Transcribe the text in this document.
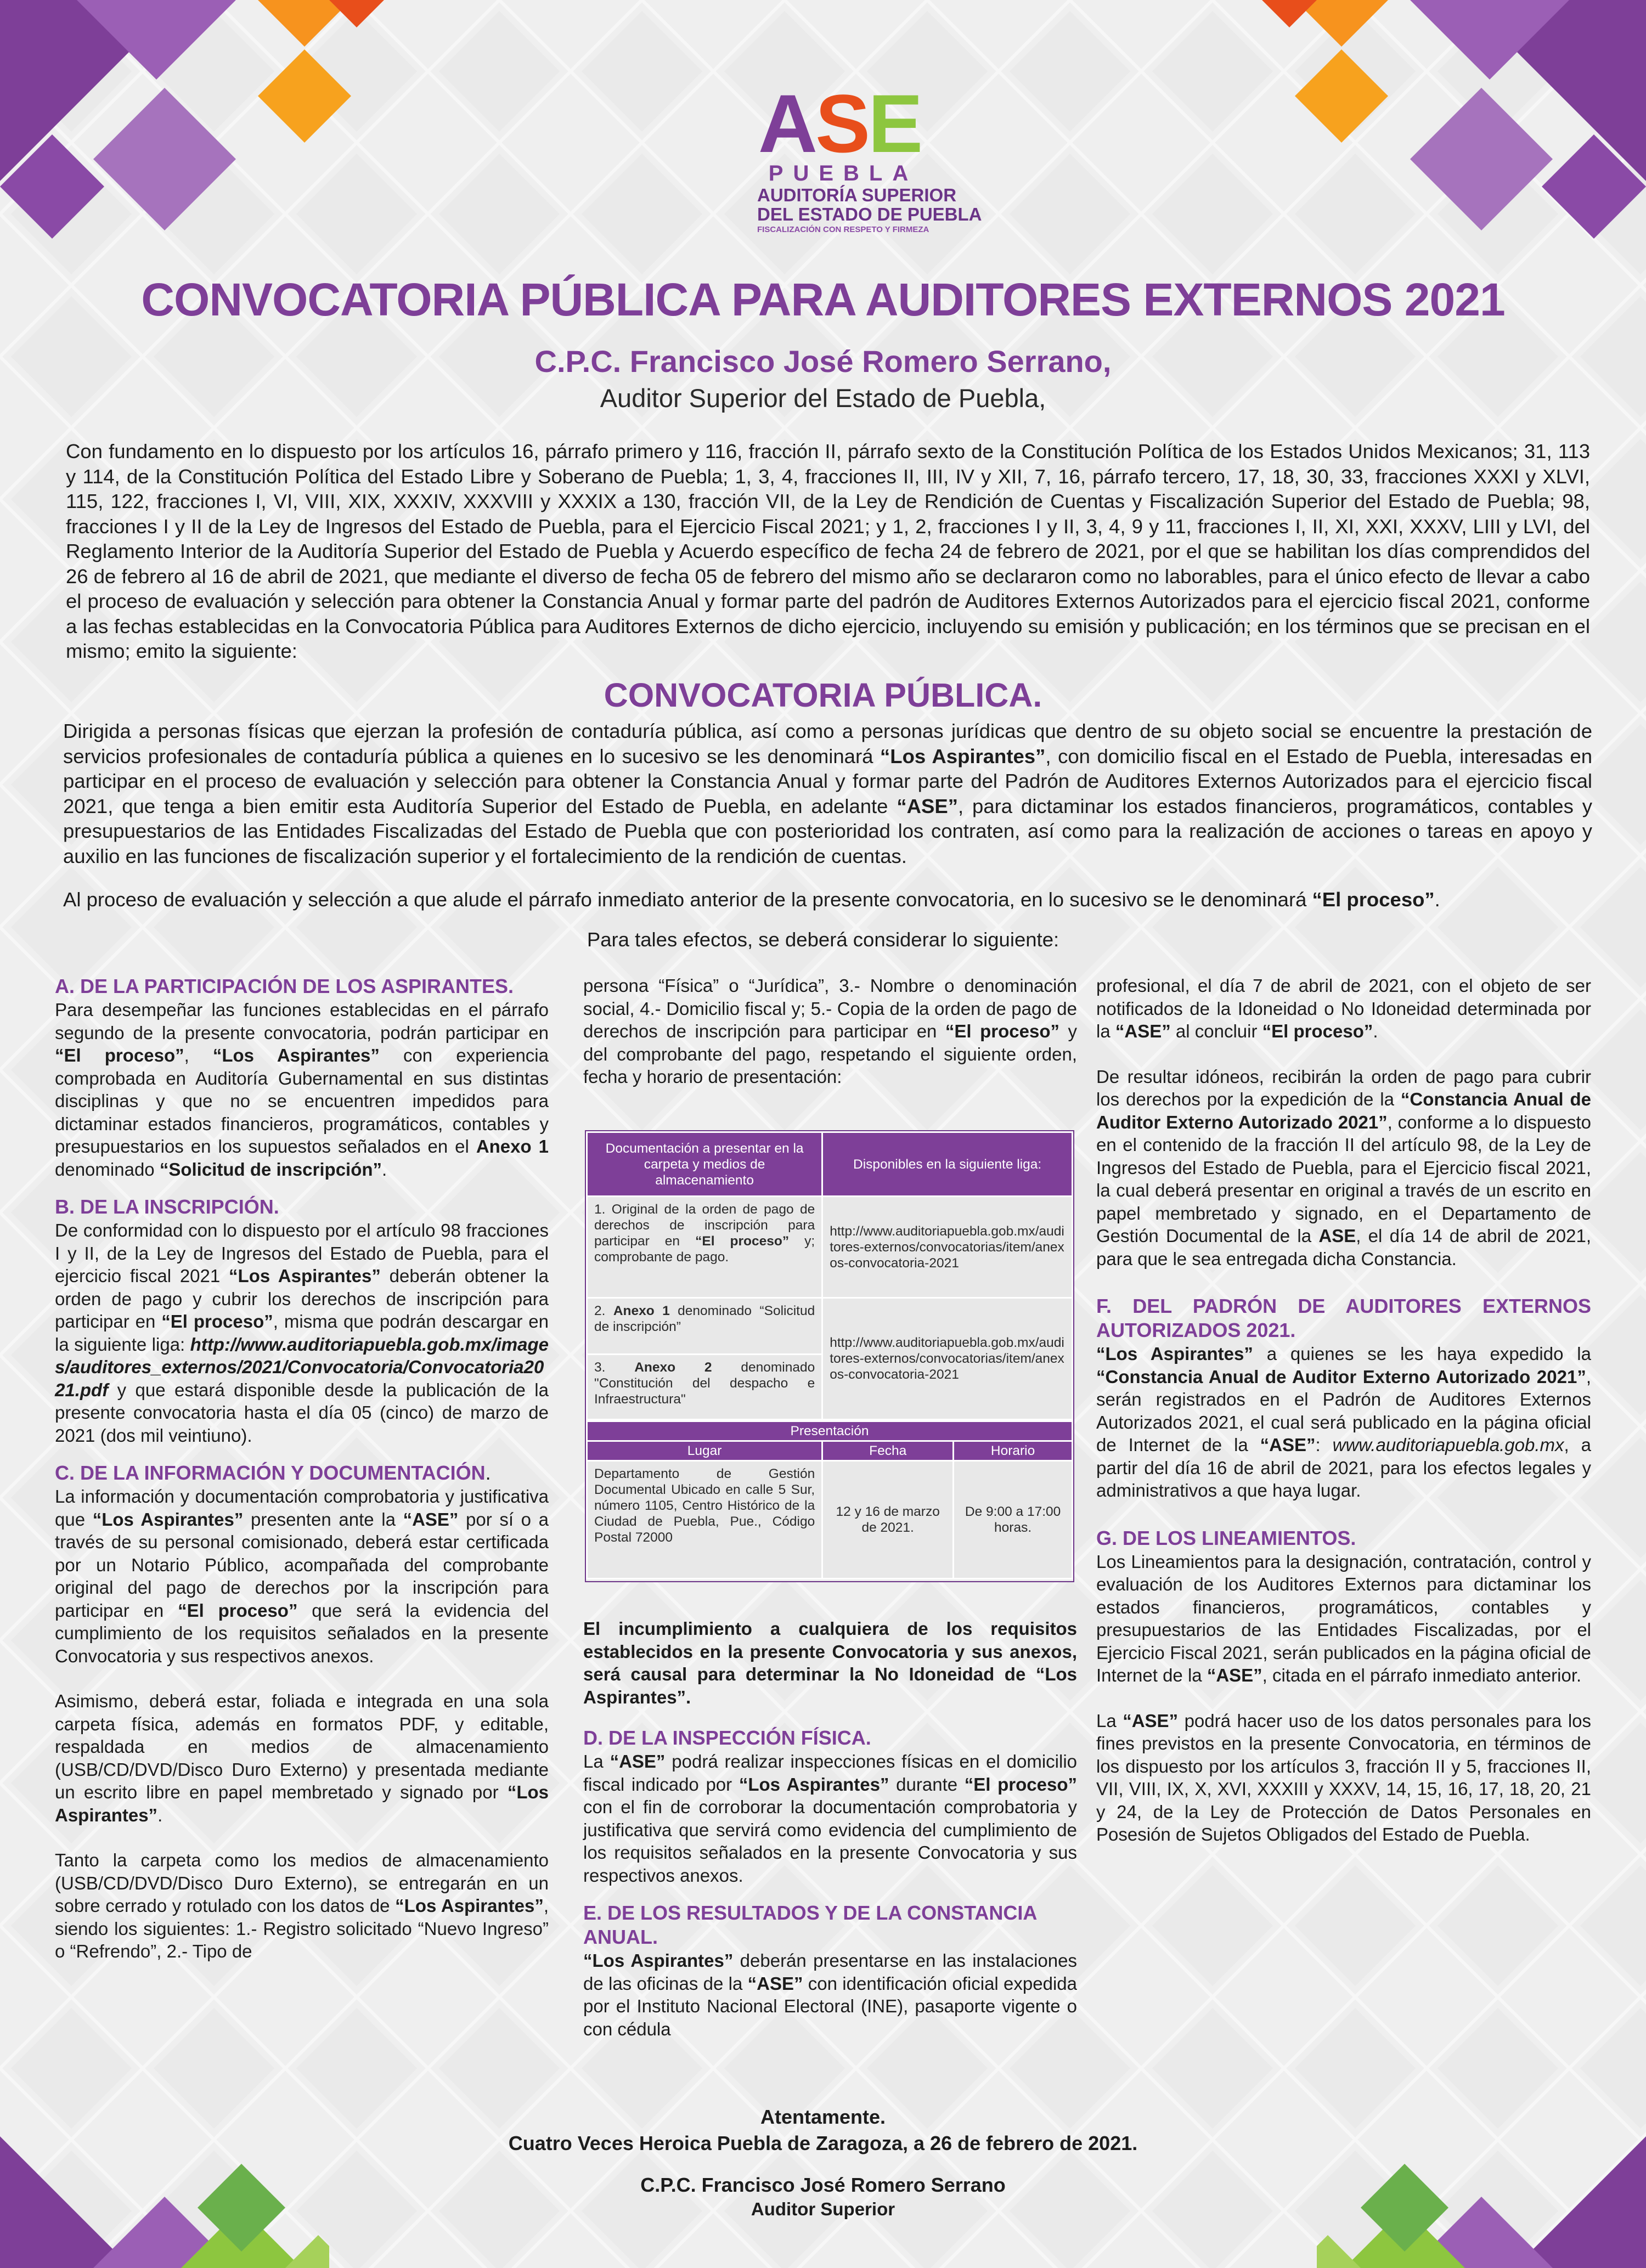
ASE
PUEBLA
AUDITORÍA SUPERIOR
DEL ESTADO DE PUEBLA
FISCALIZACIÓN CON RESPETO Y FIRMEZA
CONVOCATORIA PÚBLICA PARA AUDITORES EXTERNOS 2021
C.P.C. Francisco José Romero Serrano,
Auditor Superior del Estado de Puebla,
Con fundamento en lo dispuesto por los artículos 16, párrafo primero y 116, fracción II, párrafo sexto de la Constitución Política de los Estados Unidos Mexicanos; 31, 113 y 114, de la Constitución Política del Estado Libre y Soberano de Puebla; 1, 3, 4, fracciones II, III, IV y XII, 7, 16, párrafo tercero, 17, 18, 30, 33, fracciones XXXI y XLVI, 115, 122, fracciones I, VI, VIII, XIX, XXXIV, XXXVIII y XXXIX a 130, fracción VII, de la Ley de Rendición de Cuentas y Fiscalización Superior del Estado de Puebla; 98, fracciones I y II de la Ley de Ingresos del Estado de Puebla, para el Ejercicio Fiscal 2021; y 1, 2, fracciones I y II, 3, 4, 9 y 11, fracciones I, II, XI, XXI, XXXV, LIII y LVI, del Reglamento Interior de la Auditoría Superior del Estado de Puebla y Acuerdo específico de fecha 24 de febrero de 2021, por el que se habilitan los días comprendidos del 26 de febrero al 16 de abril de 2021, que mediante el diverso de fecha 05 de febrero del mismo año se declararon como no laborables, para el único efecto de llevar a cabo el proceso de evaluación y selección para obtener la Constancia Anual y formar parte del padrón de Auditores Externos Autorizados para el ejercicio fiscal 2021, conforme a las fechas establecidas en la Convocatoria Pública para Auditores Externos de dicho ejercicio, incluyendo su emisión y publicación; en los términos que se precisan en el mismo; emito la siguiente:
CONVOCATORIA PÚBLICA.
Dirigida a personas físicas que ejerzan la profesión de contaduría pública, así como a personas jurídicas que dentro de su objeto social se encuentre la prestación de servicios profesionales de contaduría pública a quienes en lo sucesivo se les denominará “Los Aspirantes”, con domicilio fiscal en el Estado de Puebla, interesadas en participar en el proceso de evaluación y selección para obtener la Constancia Anual y formar parte del Padrón de Auditores Externos Autorizados para el ejercicio fiscal 2021, que tenga a bien emitir esta Auditoría Superior del Estado de Puebla, en adelante “ASE”, para dictaminar los estados financieros, programáticos, contables y presupuestarios de las Entidades Fiscalizadas del Estado de Puebla que con posterioridad los contraten, así como para la realización de acciones o tareas en apoyo y auxilio en las funciones de fiscalización superior y el fortalecimiento de la rendición de cuentas.
Al proceso de evaluación y selección a que alude el párrafo inmediato anterior de la presente convocatoria, en lo sucesivo se le denominará “El proceso”.
Para tales efectos, se deberá considerar lo siguiente:
A. DE LA PARTICIPACIÓN DE LOS ASPIRANTES.

Para desempeñar las funciones establecidas en el párrafo segundo de la presente convocatoria, podrán participar en “El proceso”, “Los Aspirantes” con experiencia comprobada en Auditoría Gubernamental en sus distintas disciplinas y que no se encuentren impedidos para dictaminar estados financieros, programáticos, contables y presupuestarios en los supuestos señalados en el Anexo 1 denominado “Solicitud de inscripción”.

B. DE LA INSCRIPCIÓN.

De conformidad con lo dispuesto por el artículo 98 fracciones I y II, de la Ley de Ingresos del Estado de Puebla, para el ejercicio fiscal 2021 “Los Aspirantes” deberán obtener la orden de pago y cubrir los derechos de inscripción para participar en “El proceso”, misma que podrán descargar en la siguiente liga: http://www.auditoriapuebla.gob.mx/images/auditores_externos/2021/Convocatoria/Convocatoria2021.pdf y que estará disponible desde la publicación de la presente convocatoria hasta el día 05 (cinco) de marzo de 2021 (dos mil veintiuno).

C. DE LA INFORMACIÓN Y DOCUMENTACIÓN.

La información y documentación comprobatoria y justificativa que “Los Aspirantes” presenten ante la “ASE” por sí o a través de su personal comisionado, deberá estar certificada por un Notario Público, acompañada del comprobante original del pago de derechos por la inscripción para participar en “El proceso” que será la evidencia del cumplimiento de los requisitos señalados en la presente Convocatoria y sus respectivos anexos.

Asimismo, deberá estar, foliada e integrada en una sola carpeta física, además en formatos PDF, y editable, respaldada en medios de almacenamiento (USB/CD/DVD/Disco Duro Externo) y presentada mediante un escrito libre en papel membretado y signado por “Los Aspirantes”.

Tanto la carpeta como los medios de almacenamiento (USB/CD/DVD/Disco Duro Externo), se entregarán en un sobre cerrado y rotulado con los datos de “Los Aspirantes”, siendo los siguientes: 1.- Registro solicitado “Nuevo Ingreso” o “Refrendo”, 2.- Tipo de

persona “Física” o “Jurídica”, 3.- Nombre o denominación social, 4.- Domicilio fiscal y; 5.- Copia de la orden de pago de derechos de inscripción para participar en “El proceso” y del comprobante del pago, respetando el siguiente orden, fecha y horario de presentación:

Documentación a presentar en la carpeta y medios de almacenamiento	Disponibles en la siguiente liga:
1. Original de la orden de pago de derechos de inscripción para participar en “El proceso” y; comprobante de pago.	http://www.auditoriapuebla.gob.mx/auditores-externos/convocatorias/item/anexos-convocatoria-2021
2. Anexo 1 denominado “Solicitud de inscripción”	http://www.auditoriapuebla.gob.mx/auditores-externos/convocatorias/item/anexos-convocatoria-2021
3. Anexo 2 denominado "Constitución del despacho e Infraestructura"	
Presentación		
Lugar	Fecha	Horario
Departamento de Gestión Documental Ubicado en calle 5 Sur, número 1105, Centro Histórico de la Ciudad de Puebla, Pue., Código Postal 72000	12 y 16 de marzo de 2021.	De 9:00 a 17:00 horas.

El incumplimiento a cualquiera de los requisitos establecidos en la presente Convocatoria y sus anexos, será causal para determinar la No Idoneidad de “Los Aspirantes”.

D. DE LA INSPECCIÓN FÍSICA.

La “ASE” podrá realizar inspecciones físicas en el domicilio fiscal indicado por “Los Aspirantes” durante “El proceso” con el fin de corroborar la documentación comprobatoria y justificativa que servirá como evidencia del cumplimiento de los requisitos señalados en la presente Convocatoria y sus respectivos anexos.

E. DE LOS RESULTADOS Y DE LA CONSTANCIA ANUAL.

“Los Aspirantes” deberán presentarse en las instalaciones de las oficinas de la “ASE” con identificación oficial expedida por el Instituto Nacional Electoral (INE), pasaporte vigente o con cédula

profesional, el día 7 de abril de 2021, con el objeto de ser notificados de la Idoneidad o No Idoneidad determinada por la “ASE” al concluir “El proceso”.

De resultar idóneos, recibirán la orden de pago para cubrir los derechos por la expedición de la “Constancia Anual de Auditor Externo Autorizado 2021”, conforme a lo dispuesto en el contenido de la fracción II del artículo 98, de la Ley de Ingresos del Estado de Puebla, para el Ejercicio fiscal 2021, la cual deberá presentar en original a través de un escrito en papel membretado y signado, en el Departamento de Gestión Documental de la ASE, el día 14 de abril de 2021, para que le sea entregada dicha Constancia.

F. DEL PADRÓN DE AUDITORES EXTERNOS AUTORIZADOS 2021.

“Los Aspirantes” a quienes se les haya expedido la “Constancia Anual de Auditor Externo Autorizado 2021”, serán registrados en el Padrón de Auditores Externos Autorizados 2021, el cual será publicado en la página oficial de Internet de la “ASE”: www.auditoriapuebla.gob.mx, a partir del día 16 de abril de 2021, para los efectos legales y administrativos a que haya lugar.

G. DE LOS LINEAMIENTOS.

Los Lineamientos para la designación, contratación, control y evaluación de los Auditores Externos para dictaminar los estados financieros, programáticos, contables y presupuestarios de las Entidades Fiscalizadas, por el Ejercicio Fiscal 2021, serán publicados en la página oficial de Internet de la “ASE”, citada en el párrafo inmediato anterior.

La “ASE” podrá hacer uso de los datos personales para los fines previstos en la presente Convocatoria, en términos de los dispuesto por los artículos 3, fracción II y 5, fracciones II, VII, VIII, IX, X, XVI, XXXIII y XXXV, 14, 15, 16, 17, 18, 20, 21 y 24, de la Ley de Protección de Datos Personales en Posesión de Sujetos Obligados del Estado de Puebla.

Atentamente.
Cuatro Veces Heroica Puebla de Zaragoza, a 26 de febrero de 2021.
C.P.C. Francisco José Romero Serrano
Auditor Superior
